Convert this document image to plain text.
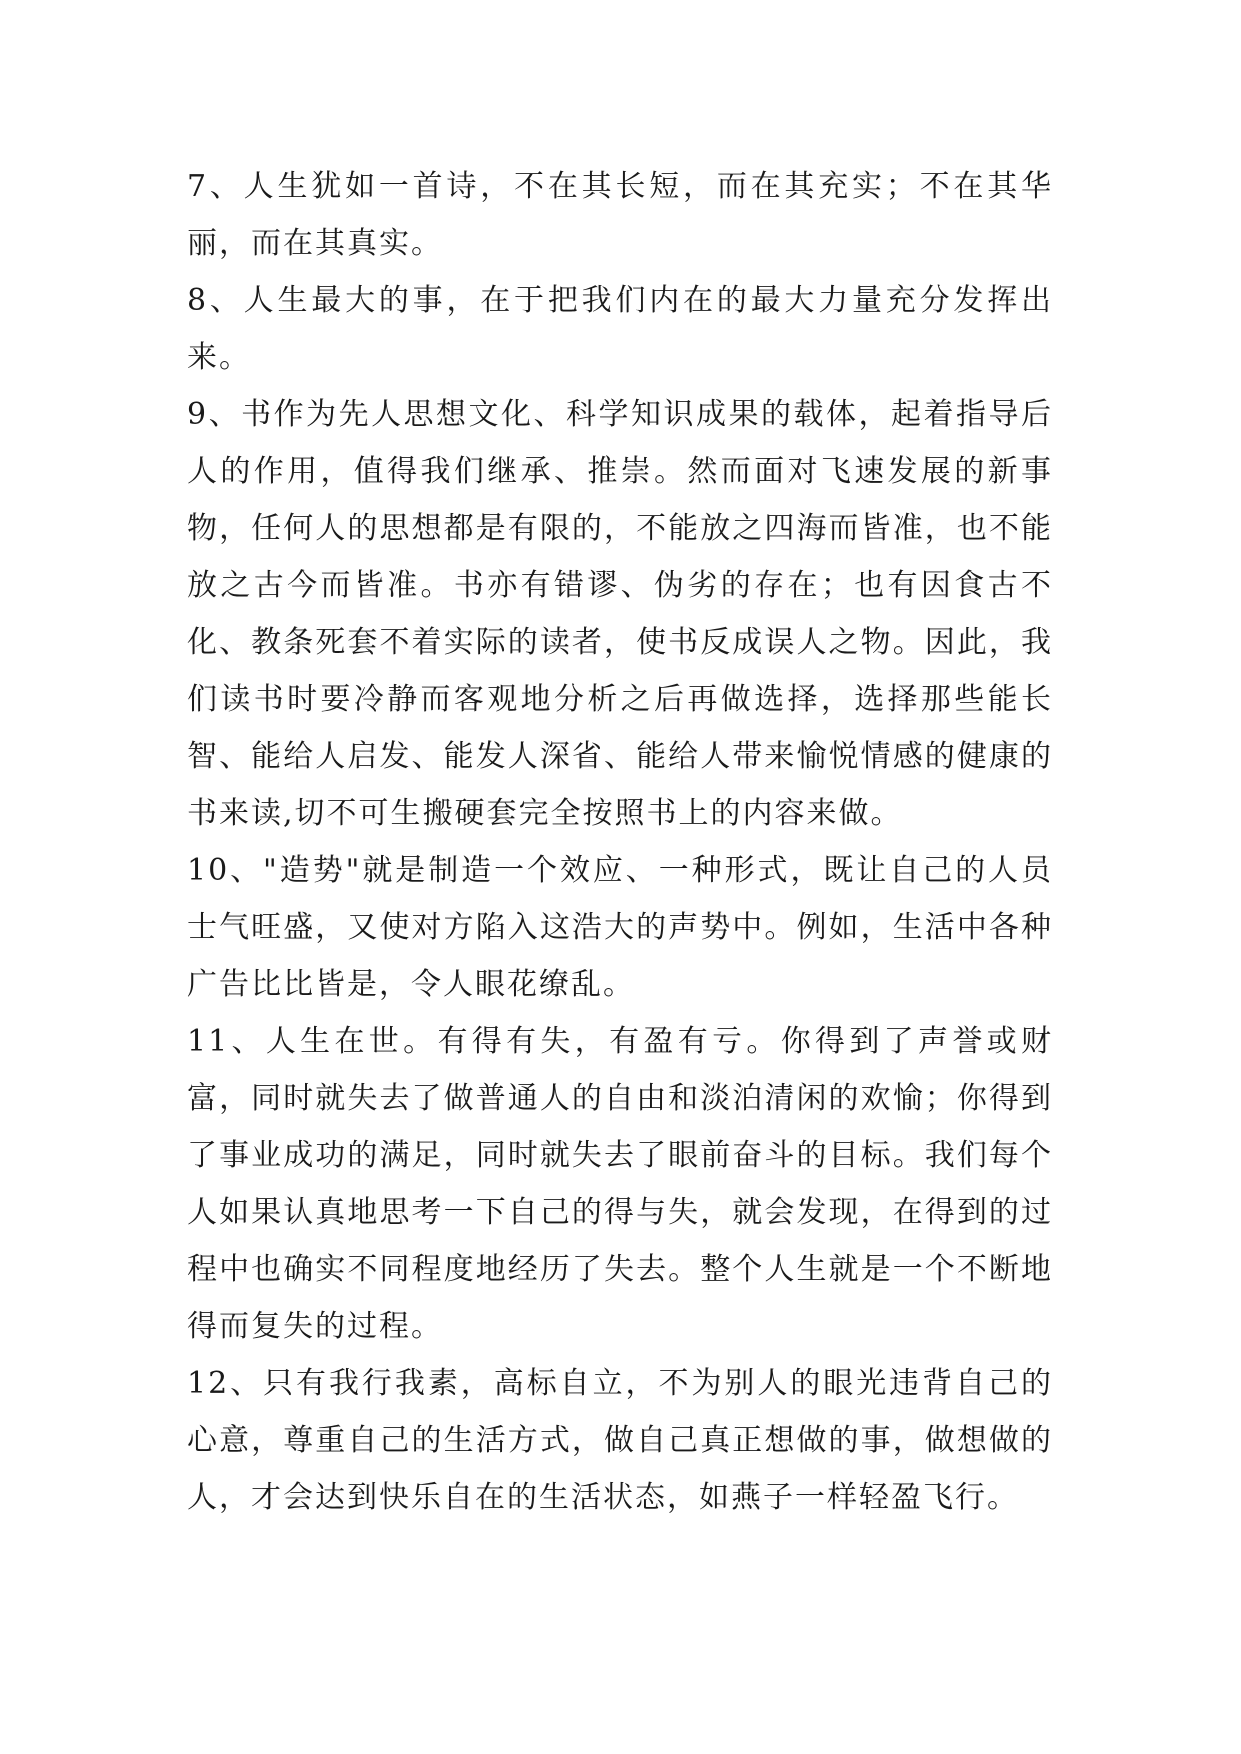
7、人生犹如一首诗，不在其长短，而在其充实；不在其华丽，而在其真实。

8、人生最大的事，在于把我们内在的最大力量充分发挥出来。

9、书作为先人思想文化、科学知识成果的载体，起着指导后人的作用，值得我们继承、推崇。然而面对飞速发展的新事物，任何人的思想都是有限的，不能放之四海而皆准，也不能放之古今而皆准。书亦有错谬、伪劣的存在；也有因食古不化、教条死套不着实际的读者，使书反成误人之物。因此，我们读书时要冷静而客观地分析之后再做选择，选择那些能长智、能给人启发、能发人深省、能给人带来愉悦情感的健康的书来读,切不可生搬硬套完全按照书上的内容来做。

10、"造势"就是制造一个效应、一种形式，既让自己的人员士气旺盛，又使对方陷入这浩大的声势中。例如，生活中各种广告比比皆是，令人眼花缭乱。

11、人生在世。有得有失，有盈有亏。你得到了声誉或财富，同时就失去了做普通人的自由和淡泊清闲的欢愉；你得到了事业成功的满足，同时就失去了眼前奋斗的目标。我们每个人如果认真地思考一下自己的得与失，就会发现，在得到的过程中也确实不同程度地经历了失去。整个人生就是一个不断地得而复失的过程。

12、只有我行我素，高标自立，不为别人的眼光违背自己的心意，尊重自己的生活方式，做自己真正想做的事，做想做的人，才会达到快乐自在的生活状态，如燕子一样轻盈飞行。
